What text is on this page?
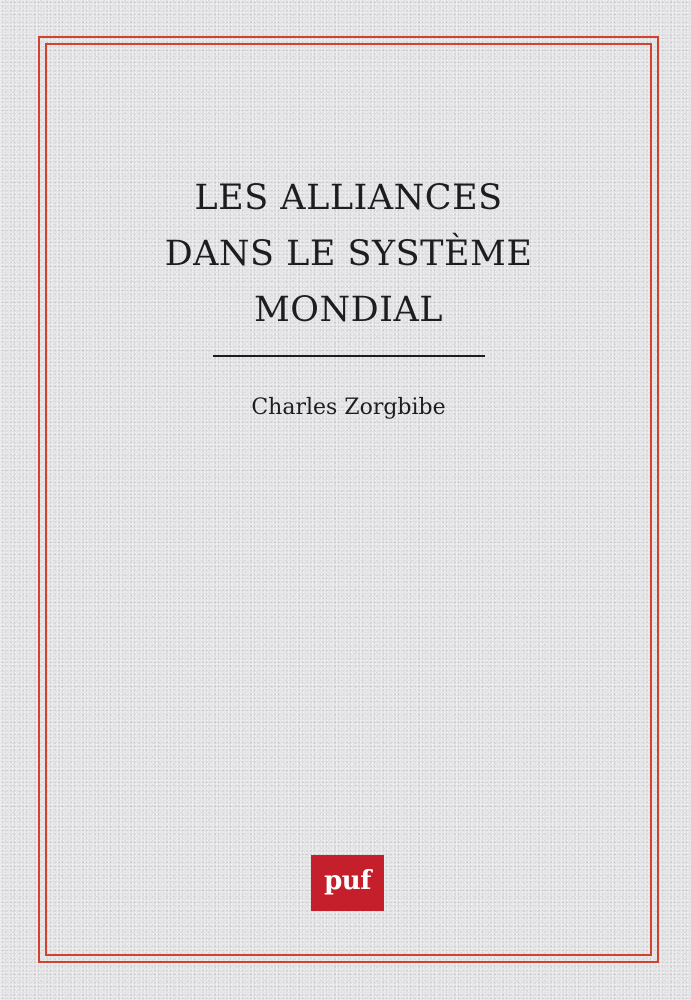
LES ALLIANCES
DANS LE SYSTÈME
MONDIAL
Charles Zorgbibe
puf
